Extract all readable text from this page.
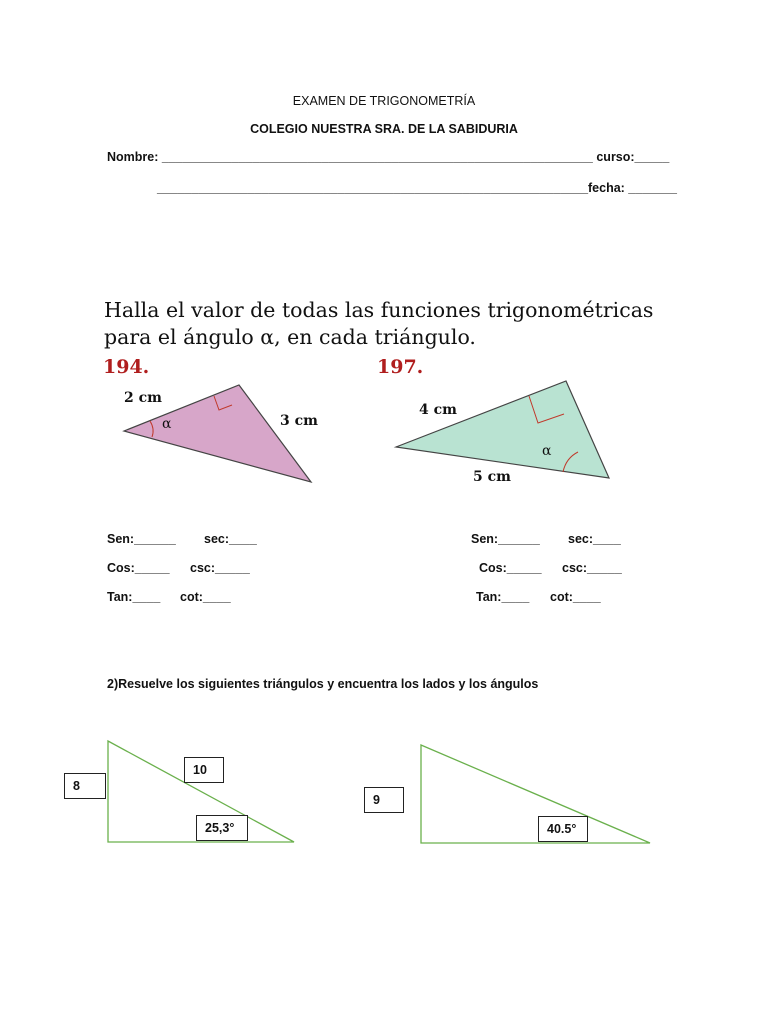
EXAMEN DE TRIGONOMETRÍA
COLEGIO NUESTRA SRA. DE LA SABIDURIA
Nombre: ______________________________________________________________ curso:_____
______________________________________________________________fecha: _______
Halla el valor de todas las funciones trigonométricas
para el ángulo α, en cada triángulo.
194.	197.
2 cm
3 cm
α
4 cm
5 cm
α
Sen:______ sec:____
Cos:_____ csc:_____
Tan:____ cot:____
Sen:______ sec:____
Cos:_____ csc:_____
Tan:____ cot:____
2)Resuelve los siguientes triángulos y encuentra los lados y los ángulos
8
10
25,3°
9
40.5°
